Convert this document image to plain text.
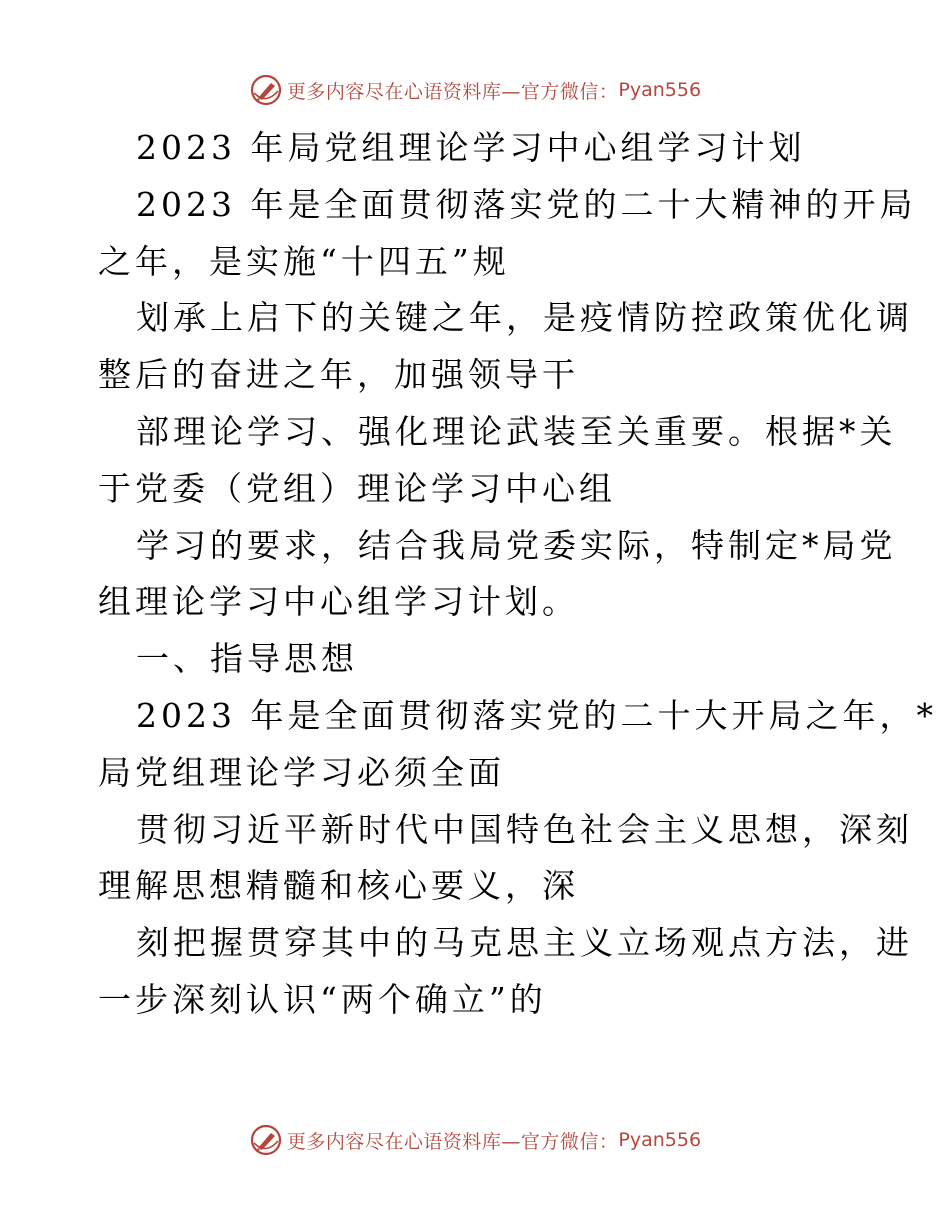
更多内容尽在心语资料库—官方微信： Pyan556
2023 年局党组理论学习中心组学习计划
2023 年是全面贯彻落实党的二十大精神的开局
之年，是实施“十四五”规
划承上启下的关键之年，是疫情防控政策优化调
整后的奋进之年，加强领导干
部理论学习、强化理论武装至关重要。根据*关
于党委（党组）理论学习中心组
学习的要求，结合我局党委实际，特制定*局党
组理论学习中心组学习计划。
一、指导思想
2023 年是全面贯彻落实党的二十大开局之年，*
局党组理论学习必须全面
贯彻习近平新时代中国特色社会主义思想，深刻
理解思想精髓和核心要义，深
刻把握贯穿其中的马克思主义立场观点方法，进
一步深刻认识“两个确立”的
更多内容尽在心语资料库—官方微信： Pyan556
